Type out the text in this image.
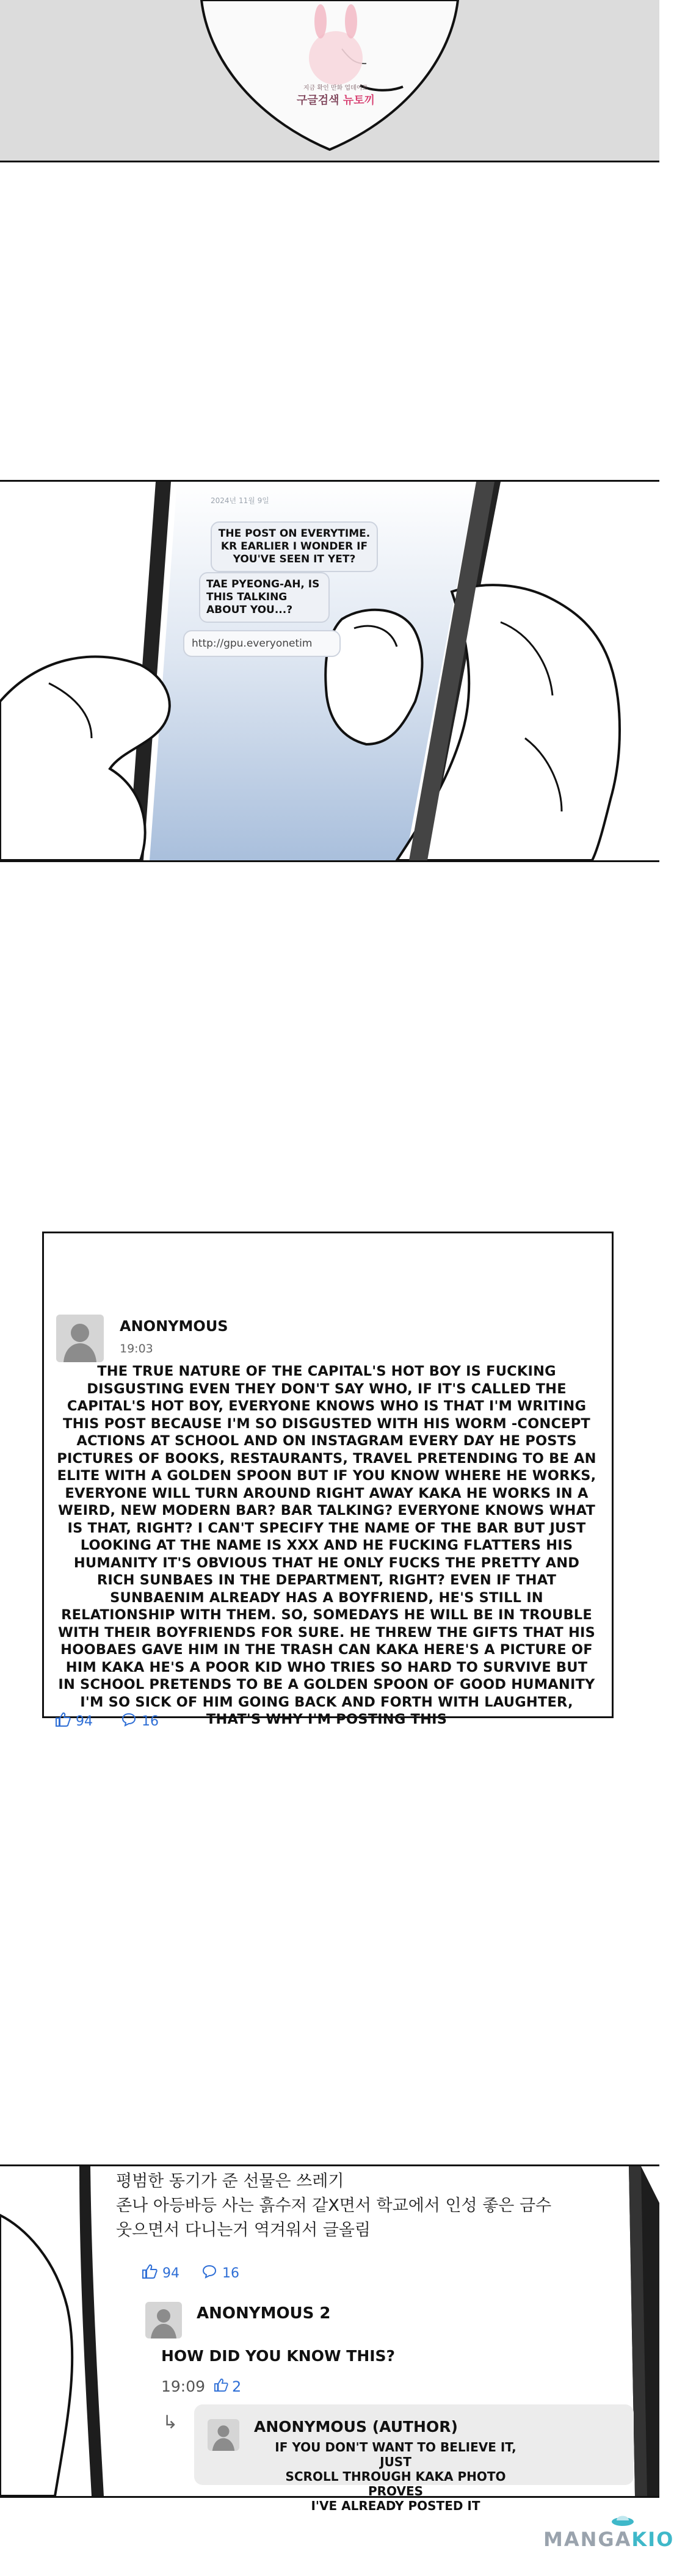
지금 확인 만화 업데이트
구글검색 뉴토끼
2024년 11월 9일
THE POST ON EVERYTIME. KR EARLIER I WONDER IF YOU'VE SEEN IT YET?
TAE PYEONG-AH, IS THIS TALKING ABOUT YOU...?
http://gpu.everyonetim
ANONYMOUS
19:03
THE TRUE NATURE OF THE CAPITAL'S HOT BOY IS FUCKING DISGUSTING EVEN THEY DON'T SAY WHO, IF IT'S CALLED THE CAPITAL'S HOT BOY, EVERYONE KNOWS WHO IS THAT I'M WRITING THIS POST BECAUSE I'M SO DISGUSTED WITH HIS WORM -CONCEPT ACTIONS AT SCHOOL AND ON INSTAGRAM EVERY DAY HE POSTS PICTURES OF BOOKS, RESTAURANTS, TRAVEL PRETENDING TO BE AN ELITE WITH A GOLDEN SPOON BUT IF YOU KNOW WHERE HE WORKS, EVERYONE WILL TURN AROUND RIGHT AWAY KAKA HE WORKS IN A WEIRD, NEW MODERN BAR? BAR TALKING? EVERYONE KNOWS WHAT IS THAT, RIGHT? I CAN'T SPECIFY THE NAME OF THE BAR BUT JUST LOOKING AT THE NAME IS XXX AND HE FUCKING FLATTERS HIS HUMANITY IT'S OBVIOUS THAT HE ONLY FUCKS THE PRETTY AND RICH SUNBAES IN THE DEPARTMENT, RIGHT? EVEN IF THAT SUNBAENIM ALREADY HAS A BOYFRIEND, HE'S STILL IN RELATIONSHIP WITH THEM. SO, SOMEDAYS HE WILL BE IN TROUBLE WITH THEIR BOYFRIENDS FOR SURE. HE THREW THE GIFTS THAT HIS HOOBAES GAVE HIM IN THE TRASH CAN KAKA HERE'S A PICTURE OF HIM KAKA HE'S A POOR KID WHO TRIES SO HARD TO SURVIVE BUT IN SCHOOL PRETENDS TO BE A GOLDEN SPOON OF GOOD HUMANITY I'M SO SICK OF HIM GOING BACK AND FORTH WITH LAUGHTER, THAT'S WHY I'M POSTING THIS
94	16
평범한 동기가 준 선물은 쓰레기
존나 아등바등 사는 흙수저 같X면서 학교에서 인성 좋은 금수
웃으면서 다니는거 역겨워서 글올림
94	16
ANONYMOUS 2
HOW DID YOU KNOW THIS?
19:09 2
↳	ANONYMOUS (AUTHOR)
IF YOU DON'T WANT TO BELIEVE IT, JUST
SCROLL THROUGH KAKA PHOTO PROVES
I'VE ALREADY POSTED IT
MANGAKIO
